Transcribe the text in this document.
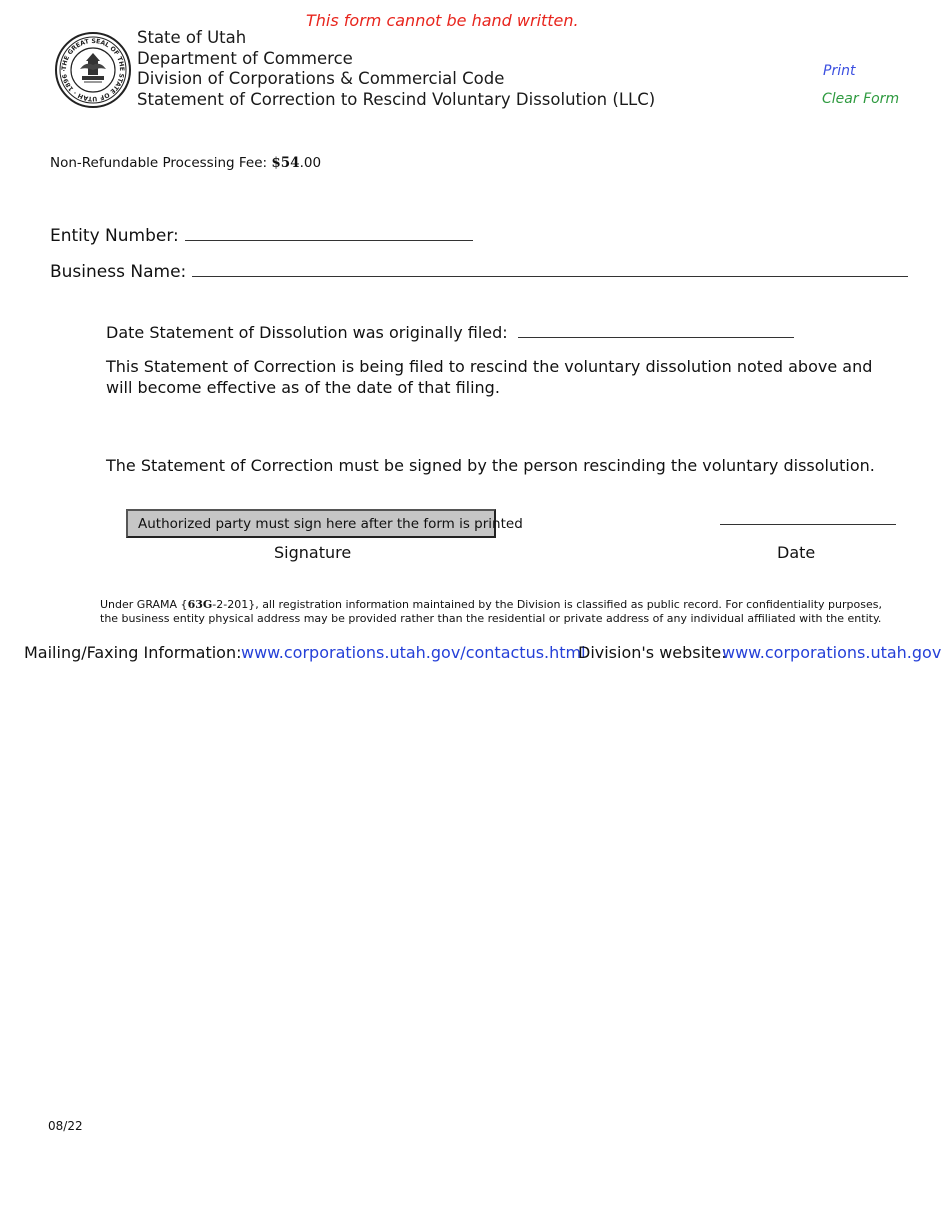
This form cannot be hand written.
THE GREAT SEAL OF THE STATE OF UTAH · 1896 ·
State of Utah
Department of Commerce
Division of Corporations & Commercial Code
Statement of Correction to Rescind Voluntary Dissolution (LLC)
Print
Clear Form
Non-Refundable Processing Fee: $54.00
Entity Number:
Business Name:
Date Statement of Dissolution was originally filed:
This Statement of Correction is being filed to rescind the voluntary dissolution noted above and will become effective as of the date of that filing.
The Statement of Correction must be signed by the person rescinding the voluntary dissolution.
Authorized party must sign here after the form is printed
Signature	Date
Under GRAMA {63G-2-201}, all registration information maintained by the Division is classified as public record. For confidentiality purposes,
the business entity physical address may be provided rather than the residential or private address of any individual affiliated with the entity.
Mailing/Faxing Information: www.corporations.utah.gov/contactus.html
Division's website:
www.corporations.utah.gov
08/22
